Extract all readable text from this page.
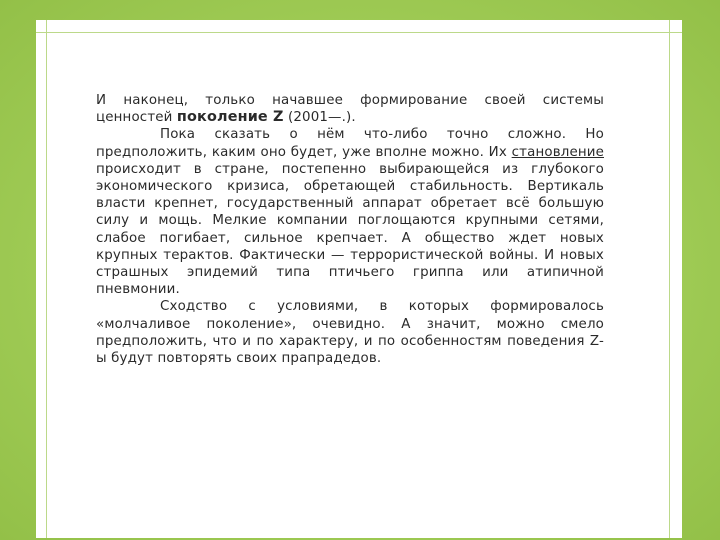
И наконец, только начавшее формирование своей системы ценностей поколение Z (2001—.).

Пока сказать о нём что-либо точно сложно. Но предположить, каким оно будет, уже вполне можно. Их становление происходит в стране, постепенно выбирающейся из глубокого экономического кризиса, обретающей стабильность. Вертикаль власти крепнет, государственный аппарат обретает всё большую силу и мощь. Мелкие компании поглощаются крупными сетями, слабое погибает, сильное крепчает. А общество ждет новых крупных терактов. Фактически — террористической войны. И новых страшных эпидемий типа птичьего гриппа или атипичной пневмонии.

Сходство с условиями, в которых формировалось «молчаливое поколение», очевидно. А значит, можно смело предположить, что и по характеру, и по особенностям поведения Z-ы будут повторять своих прапрадедов.
